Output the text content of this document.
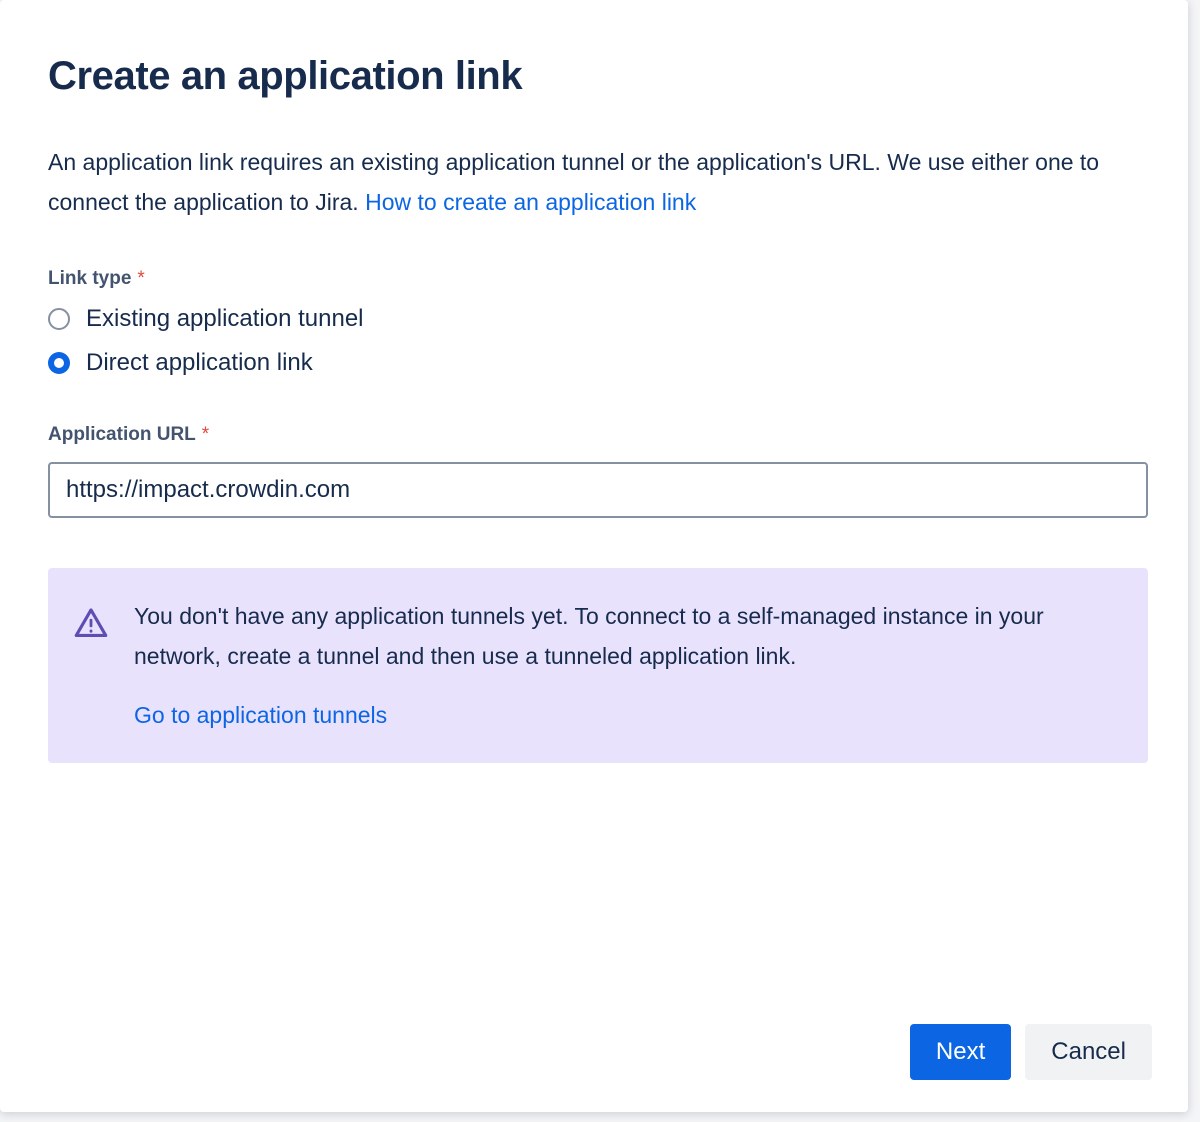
Create an application link
An application link requires an existing application tunnel or the application's URL. We use either one to connect the application to Jira. How to create an application link
Link type *
Existing application tunnel
Direct application link
Application URL *
https://impact.crowdin.com
You don't have any application tunnels yet. To connect to a self-managed instance in your network, create a tunnel and then use a tunneled application link.
Go to application tunnels
Next	Cancel
